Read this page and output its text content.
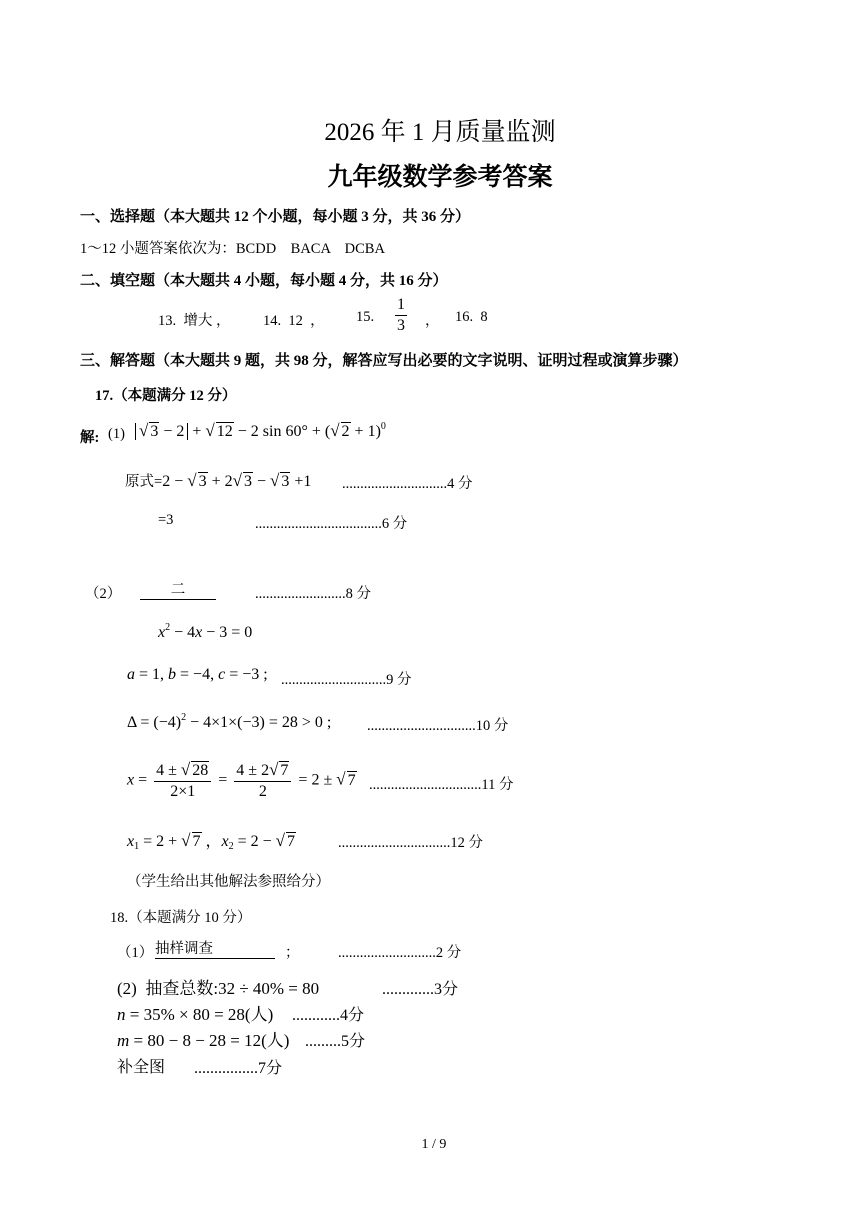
2026 年 1 月质量监测
九年级数学参考答案
一、选择题（本大题共 12 个小题，每小题 3 分，共 36 分）
1～12 小题答案依次为：BCDD    BACA    DCBA
二、填空题（本大题共 4 小题，每小题 4 分，共 16 分）
13.  增大 ， 14.  12  ， 15. $\frac{1}{3}$ ， 16.  8
三、解答题（本大题共 9 题，共 98 分，解答应写出必要的文字说明、证明过程或演算步骤）
17.（本题满分 12 分）
解: (1) √ 3 − 2 + √ 12 − 2 sin 60° + (√ 2 + 1)$^0$
原式=2 − √ 3 + 2√ 3 − √ 3 +1 .............................4 分
=3	...................................6 分
（2）	二	.........................8 分
$x^2 - 4x - 3 = 0$
a = 1, b = −4, c = −3 ; .............................9 分
$\Delta = (-4)^2 - 4\times 1\times(-3) = 28 > 0$ ; ..............................10 分
$x = \frac{4 \pm √ 28}{2\times 1} = \frac{4 \pm 2√ 7}{2} = 2$ ± √ 7 ...............................11 分
$x_1 = 2$ + √ 7 ，$x_2 = 2$ − √ 7	...............................12 分
（学生给出其他解法参照给分）
18.（本题满分 10 分）
（1） 抽样调查	；	...........................2 分
(2) 抽查总数:32 ÷ 40% = 80	.............3分
n = 35% × 80 = 28(人) ............4分
m = 80 − 8 − 28 = 12(人) .........5分
补全图 ................7分
1 / 9
